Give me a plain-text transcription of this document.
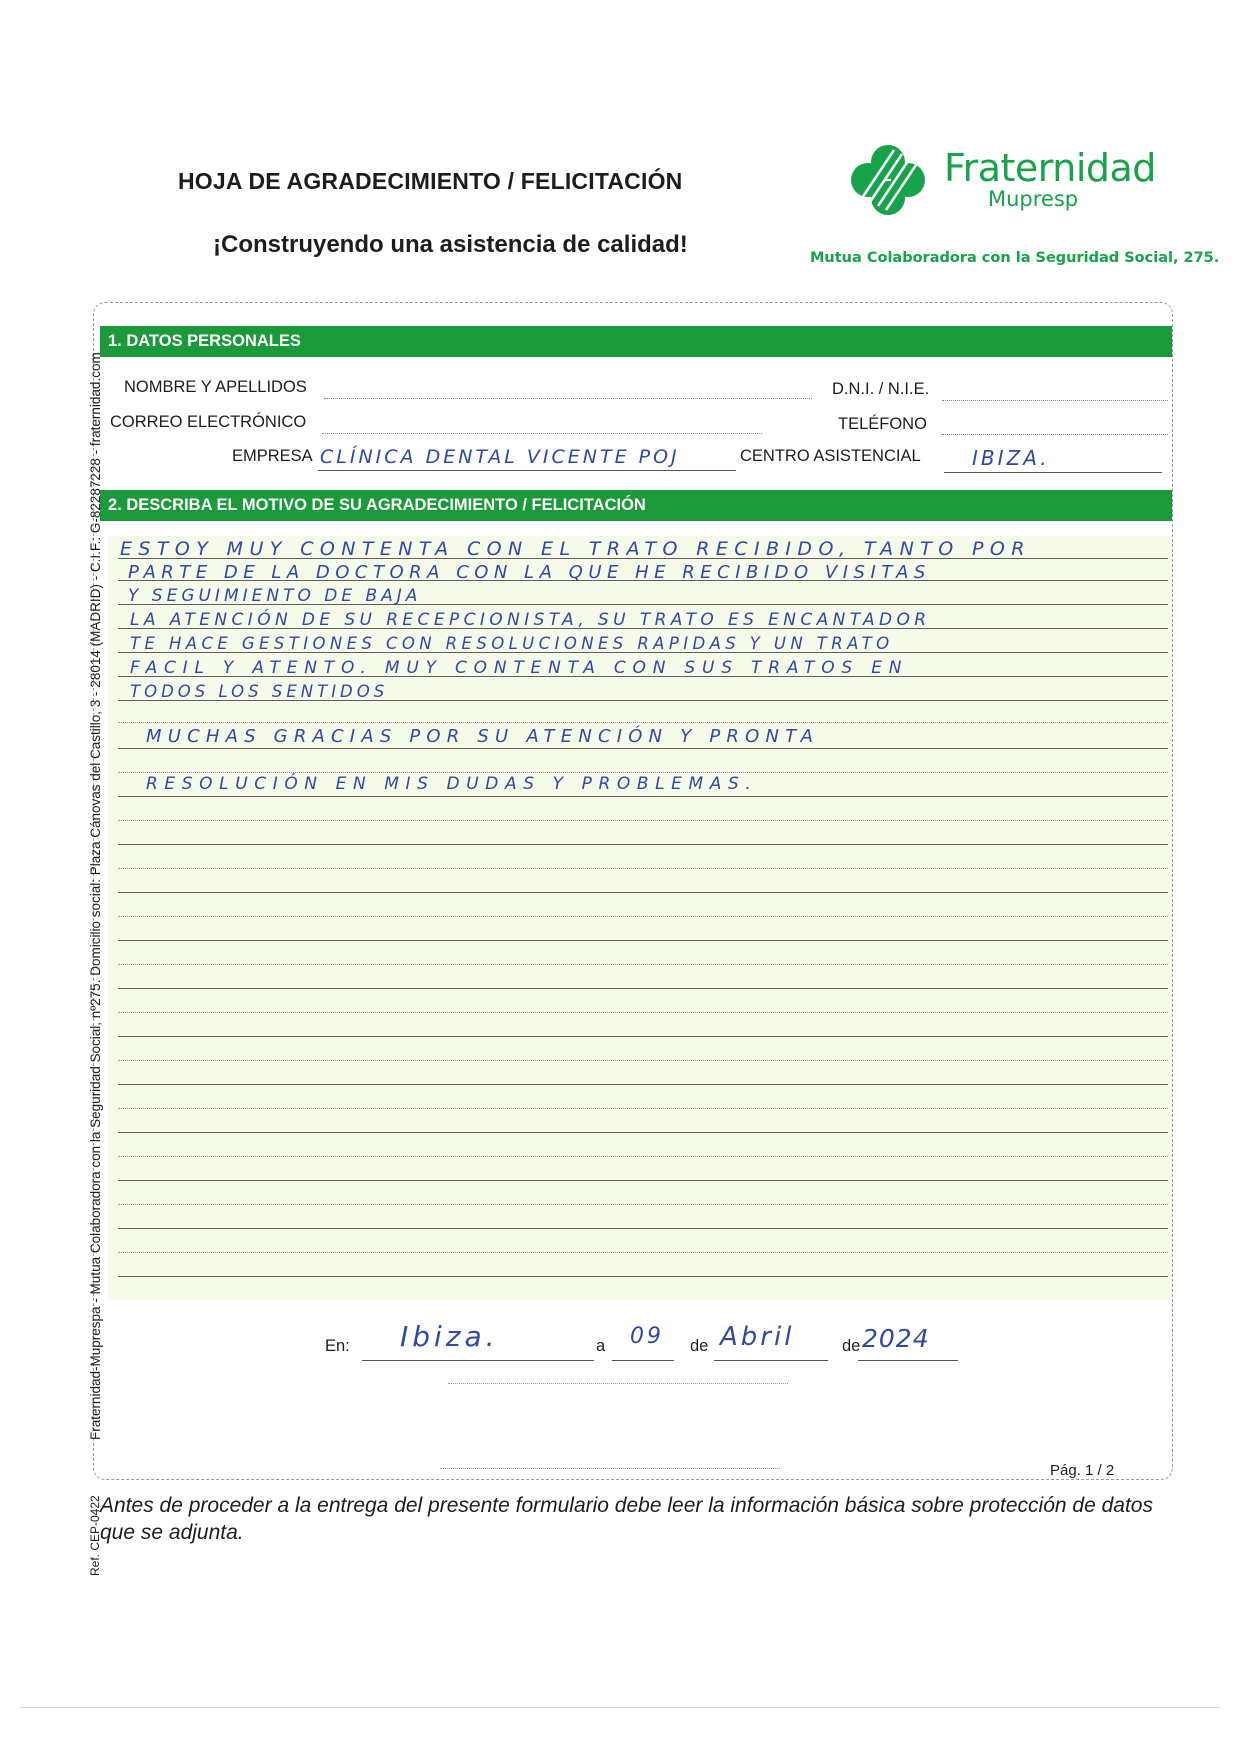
HOJA DE AGRADECIMIENTO / FELICITACIÓN
¡Construyendo una asistencia de calidad!
Fraternidad
Mupresp
Mutua Colaboradora con la Seguridad Social, 275.
1. DATOS PERSONALES
NOMBRE Y APELLIDOS	D.N.I. / N.I.E.
CORREO ELECTRÓNICO	TELÉFONO
EMPRESA CLÍNICA DENTAL VICENTE POJ	CENTRO ASISTENCIAL	IBIZA.
2. DESCRIBA EL MOTIVO DE SU AGRADECIMIENTO / FELICITACIÓN
ESTOY MUY CONTENTA CON EL TRATO RECIBIDO, TANTO POR
PARTE DE LA DOCTORA CON LA QUE HE RECIBIDO VISITAS
Y SEGUIMIENTO DE BAJA
LA ATENCIÓN DE SU RECEPCIONISTA, SU TRATO ES ENCANTADOR
TE HACE GESTIONES CON RESOLUCIONES RAPIDAS Y UN TRATO
FACIL Y ATENTO. MUY CONTENTA CON SUS TRATOS EN
TODOS LOS SENTIDOS
MUCHAS GRACIAS POR SU ATENCIÓN Y PRONTA
RESOLUCIÓN EN MIS DUDAS Y PROBLEMAS.
En: Ibiza.	a 09 de Abril	de 2024
Pág. 1 / 2
Antes de proceder a la entrega del presente formulario debe leer la información básica sobre protección de datos que se adjunta.
Fraternidad-Muprespa - Mutua Colaboradora con la Seguridad Social, nº275. Domicilio social: Plaza Cánovas del Castillo, 3 - 28014 (MADRID) - C.I.F.: G-82287228 - fraternidad.com
Ref. CEP-0422
